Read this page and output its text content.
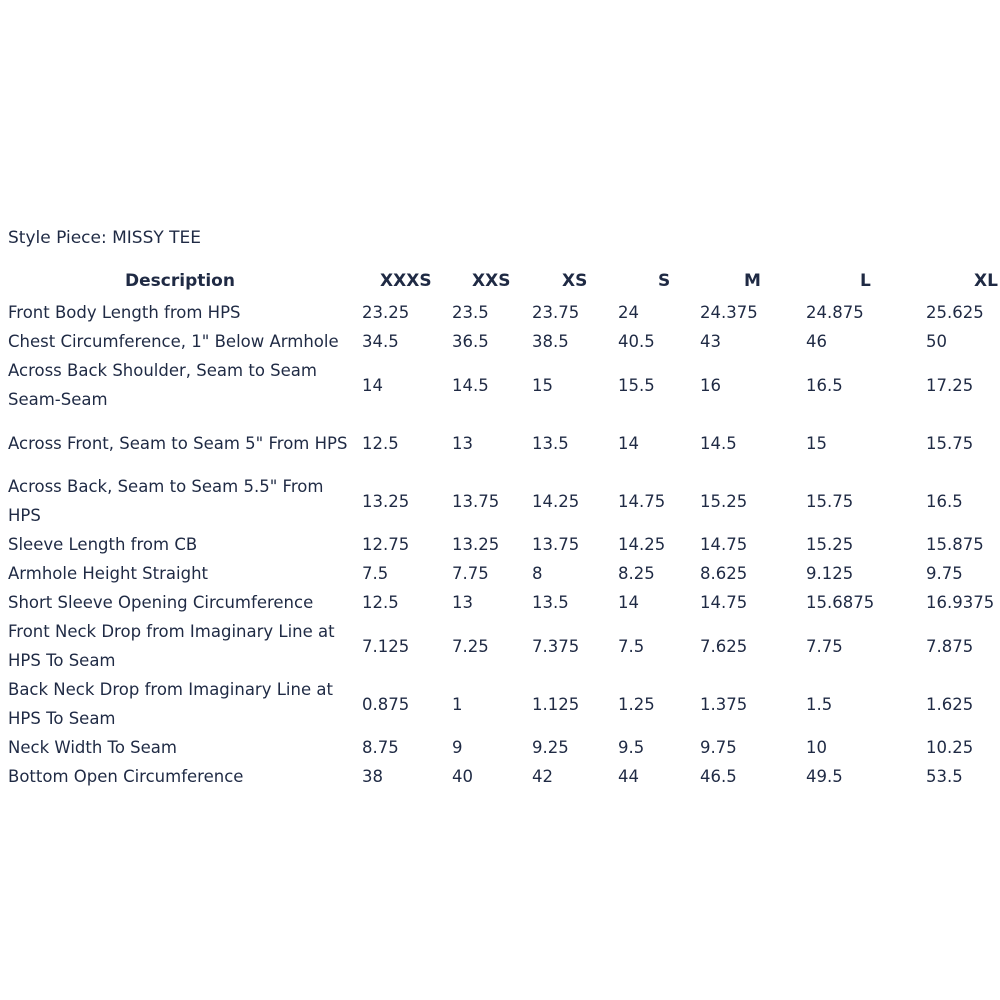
Style Piece: MISSY TEE
Description	XXXS	XXS	XS	S	M	L	XL
Front Body Length from HPS	23.25	23.5	23.75	24	24.375	24.875	25.625
Chest Circumference, 1" Below Armhole	34.5	36.5	38.5	40.5	43	46	50
Across Back Shoulder, Seam to Seam Seam-Seam	14	14.5	15	15.5	16	16.5	17.25
Across Front, Seam to Seam 5" From HPS	12.5	13	13.5	14	14.5	15	15.75
Across Back, Seam to Seam 5.5" From HPS	13.25	13.75	14.25	14.75	15.25	15.75	16.5
Sleeve Length from CB	12.75	13.25	13.75	14.25	14.75	15.25	15.875
Armhole Height Straight	7.5	7.75	8	8.25	8.625	9.125	9.75
Short Sleeve Opening Circumference	12.5	13	13.5	14	14.75	15.6875	16.9375
Front Neck Drop from Imaginary Line at HPS To Seam	7.125	7.25	7.375	7.5	7.625	7.75	7.875
Back Neck Drop from Imaginary Line at HPS To Seam	0.875	1	1.125	1.25	1.375	1.5	1.625
Neck Width To Seam	8.75	9	9.25	9.5	9.75	10	10.25
Bottom Open Circumference	38	40	42	44	46.5	49.5	53.5
